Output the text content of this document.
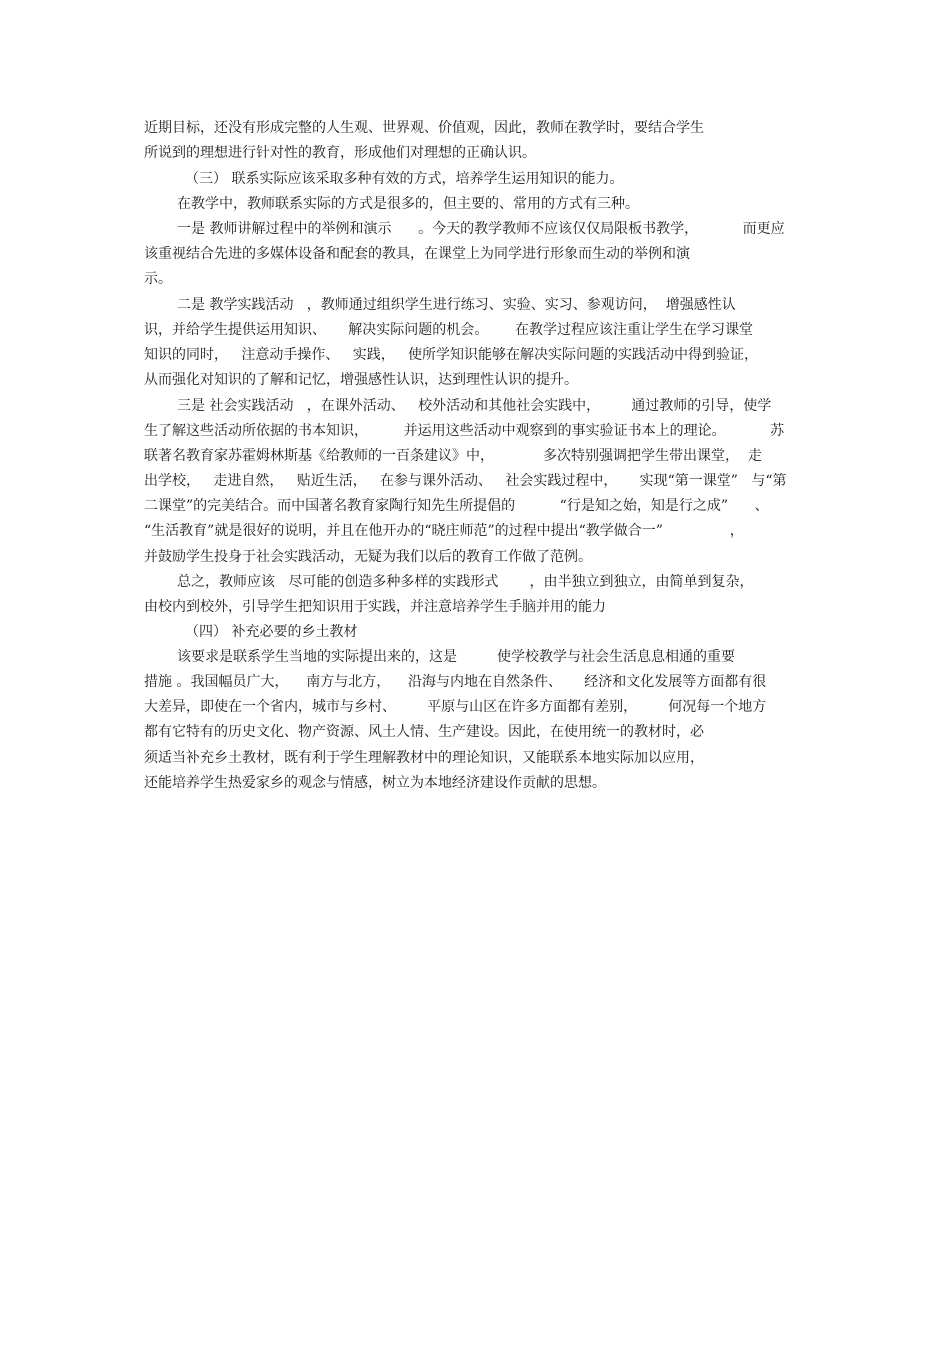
近期目标，还没有形成完整的人生观、世界观、价值观，因此，教师在教学时，要结合学生
所说到的理想进行针对性的教育，形成他们对理想的正确认识。
（三） 联系实际应该采取多种有效的方式，培养学生运用知识的能力。
在教学中，教师联系实际的方式是很多的，但主要的、常用的方式有三种。
一是 教师讲解过程中的举例和演示      。今天的教学教师不应该仅仅局限板书教学，          而更应
该重视结合先进的多媒体设备和配套的教具，在课堂上为同学进行形象而生动的举例和演
示。
二是 教学实践活动   ，教师通过组织学生进行练习、实验、实习、参观访问，  增强感性认
识，并给学生提供运用知识、     解决实际问题的机会。      在教学过程应该注重让学生在学习课堂
知识的同时，   注意动手操作、   实践，   使所学知识能够在解决实际问题的实践活动中得到验证，
从而强化对知识的了解和记忆，增强感性认识，达到理性认识的提升。
三是 社会实践活动   ，在课外活动、   校外活动和其他社会实践中，       通过教师的引导，使学
生了解这些活动所依据的书本知识，        并运用这些活动中观察到的事实验证书本上的理论。          苏
联著名教育家苏霍姆林斯基《给教师的一百条建议》中，           多次特别强调把学生带出课堂，  走
出学校，   走进自然，   贴近生活，   在参与课外活动、   社会实践过程中，     实现“第一课堂”   与“第
二课堂”的完美结合。而中国著名教育家陶行知先生所提倡的          “行是知之始，知是行之成”      、
“生活教育”就是很好的说明，并且在他开办的“晓庄师范”的过程中提出“教学做合一”               ，
并鼓励学生投身于社会实践活动，无疑为我们以后的教育工作做了范例。
总之，教师应该   尽可能的创造多种多样的实践形式       ，由半独立到独立，由简单到复杂，
由校内到校外，引导学生把知识用于实践，并注意培养学生手脑并用的能力
（四） 补充必要的乡土教材
该要求是联系学生当地的实际提出来的，这是         使学校教学与社会生活息息相通的重要
措施 。我国幅员广大，    南方与北方，    沿海与内地在自然条件、     经济和文化发展等方面都有很
大差异，即使在一个省内，城市与乡村、       平原与山区在许多方面都有差别，       何况每一个地方
都有它特有的历史文化、物产资源、风土人情、生产建设。因此，在使用统一的教材时，必
须适当补充乡土教材，既有利于学生理解教材中的理论知识，又能联系本地实际加以应用，
还能培养学生热爱家乡的观念与情感，树立为本地经济建设作贡献的思想。
